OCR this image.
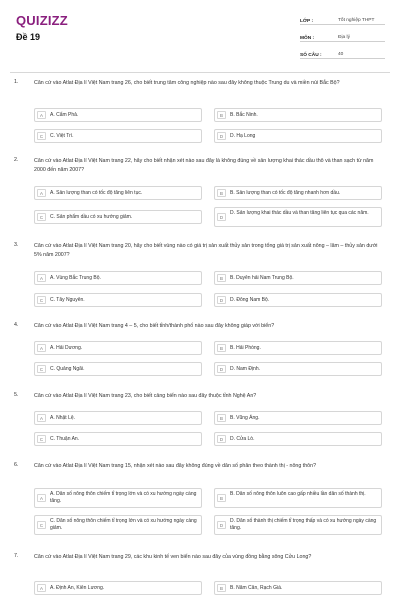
QUIZIZZ
Đề 19
LỚP :	Tốt nghiệp THPT
MÔN :	Địa lý
SỐ CÂU :	40
1.	Căn cứ vào Atlat Địa lí Việt Nam trang 26, cho biết trung tâm công nghiệp nào sau đây không thuộc Trung du và miền núi Bắc Bộ?
A	A. Cẩm Phả.	B	B. Bắc Ninh.
C	C. Việt Trì.	D	D. Hạ Long
2.	Căn cứ vào Atlat Địa lí Việt Nam trang 22, hãy cho biết nhận xét nào sau đây là không đúng về sản lượng khai thác dầu thô và than sạch từ năm 2000 đến năm 2007?
A	A. Sản lượng than có tốc độ tăng liên tục.	B	B. Sản lượng than có tốc độ tăng nhanh hơn dầu.
C	C. Sản phẩm dầu có xu hướng giảm.	D
D. Sản lượng khai thác dầu và than tăng liên tục qua các năm.
3.	Căn cứ vào Atlat Địa lí Việt Nam trang 20, hãy cho biết vùng nào có giá trị sản xuất thủy sản trong tổng giá trị sản xuất nông – lâm – thủy sản dưới 5% năm 2007?
A	A. Vùng Bắc Trung Bộ.	B	B. Duyên hải Nam Trung Bộ.
C	C. Tây Nguyên.	D	D. Đông Nam Bộ.
4.	Căn cứ vào Atlat Địa lí Việt Nam trang 4 – 5, cho biết tỉnh/thành phố nào sau đây không giáp với biển?
A	A. Hải Dương.	B	B. Hải Phòng.
C	C. Quảng Ngãi.	D	D. Nam Định.
5.	Căn cứ vào Atlat Địa lí Việt Nam trang 23, cho biết cảng biển nào sau đây thuộc tỉnh Nghệ An?
A	A. Nhật Lệ.	B	B. Vũng Áng.
C	C. Thuận An.	D	D. Cửa Lò.
6.	Căn cứ vào Atlat Địa lí Việt Nam trang 15, nhận xét nào sau đây không đúng về dân số phân theo thành thị - nông thôn?
A
A. Dân số nông thôn chiếm tỉ trọng lớn và có xu hướng ngày càng tăng.	B
B. Dân số nông thôn luôn cao gấp nhiều lần dân số thành thị.
C
C. Dân số nông thôn chiếm tỉ trọng lớn và có xu hướng ngày càng giảm.	D
D. Dân số thành thị chiếm tỉ trọng thấp và có xu hướng ngày càng tăng.
7.	Căn cứ vào Atlat Địa lí Việt Nam trang 29, các khu kinh tế ven biển nào sau đây của vùng đồng bằng sông Cửu Long?
A	A. Định An, Kiên Lương.	B	B. Năm Căn, Rạch Giá.
